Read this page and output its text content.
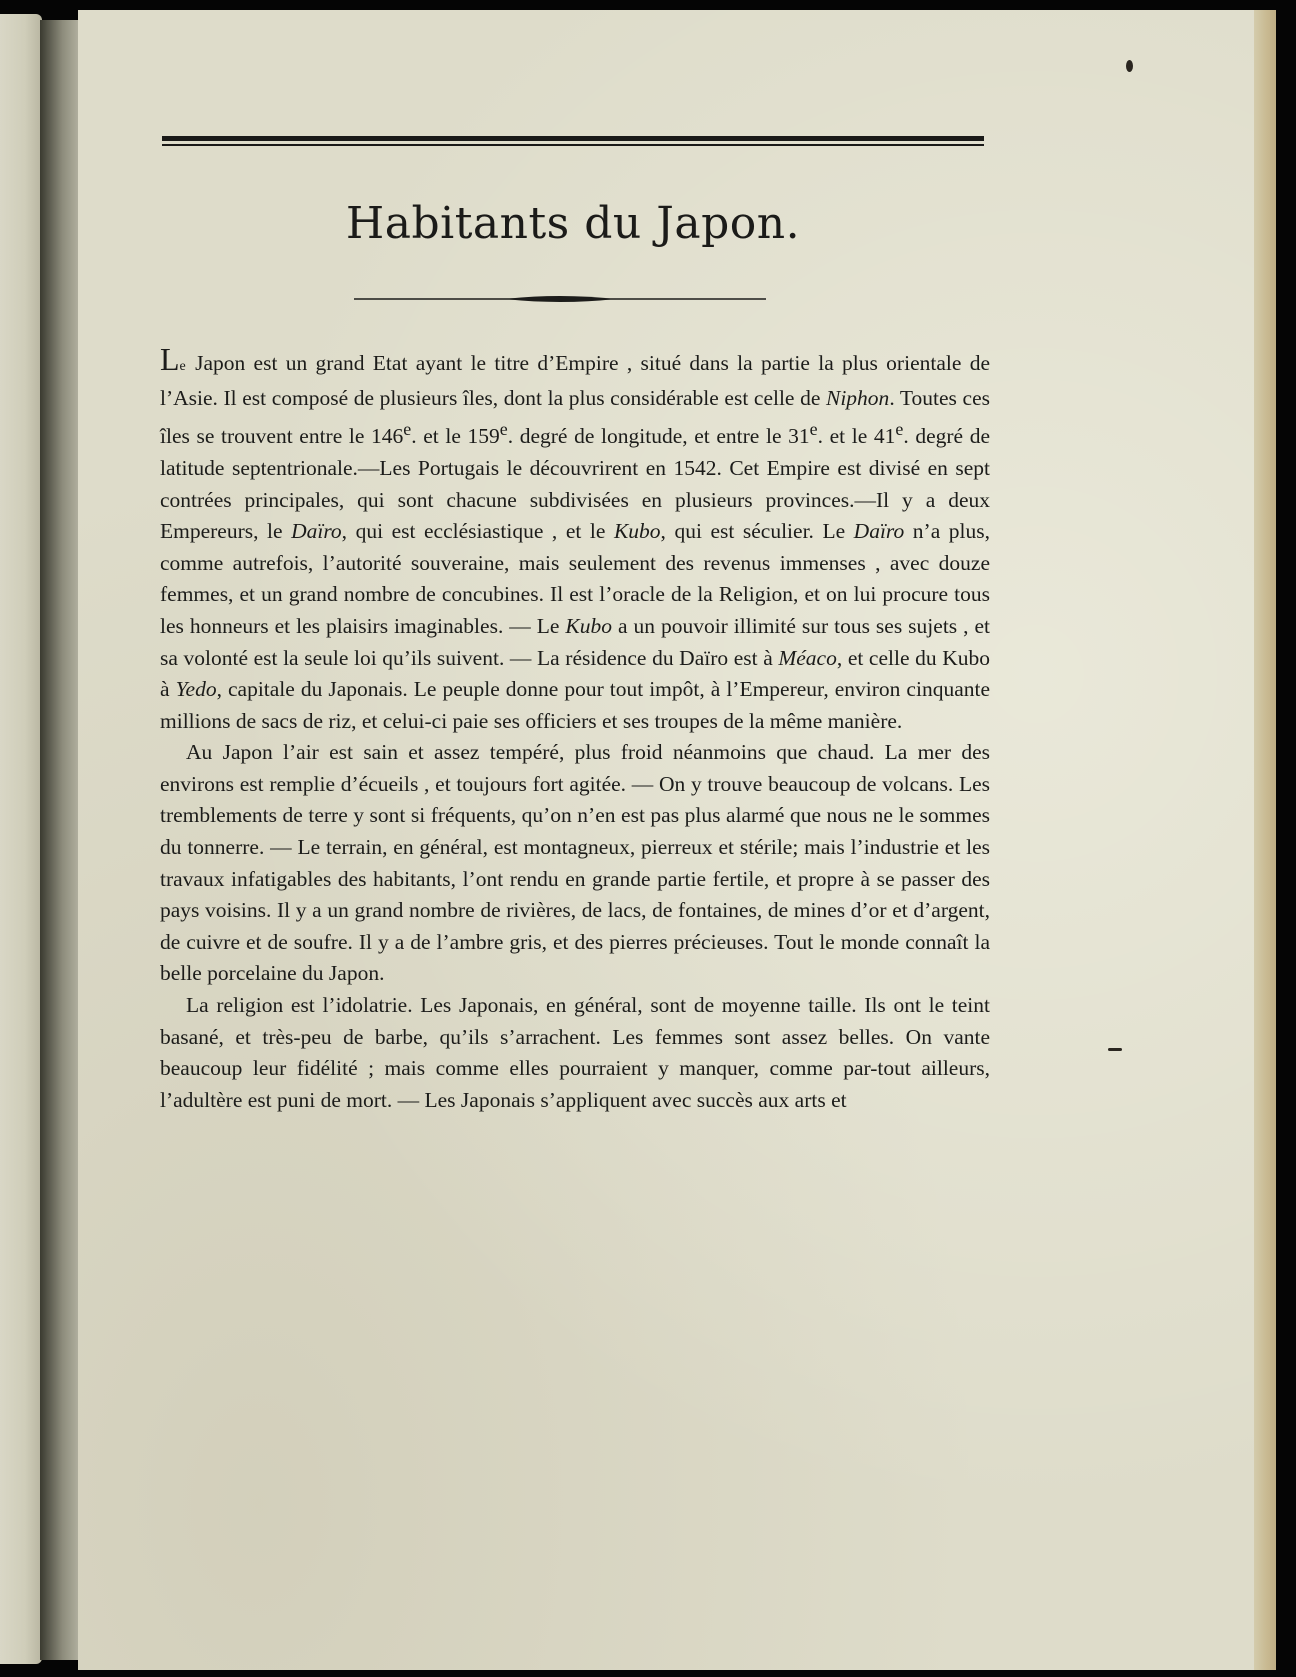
Habitants du Japon.

Le Japon est un grand Etat ayant le titre d’Empire , situé dans la partie la plus orientale de l’Asie. Il est composé de plusieurs îles, dont la plus considérable est celle de Niphon. Toutes ces îles se trouvent entre le 146e. et le 159e. degré de longitude, et entre le 31e. et le 41e. degré de latitude septentrionale.—Les Portugais le découvrirent en 1542. Cet Empire est divisé en sept contrées principales, qui sont chacune subdivisées en plusieurs provinces.—Il y a deux Empereurs, le Daïro, qui est ecclésiastique , et le Kubo, qui est séculier. Le Daïro n’a plus, comme autrefois, l’autorité souveraine, mais seulement des revenus immenses , avec douze femmes, et un grand nombre de concubines. Il est l’oracle de la Religion, et on lui procure tous les honneurs et les plaisirs imaginables. — Le Kubo a un pouvoir illimité sur tous ses sujets , et sa volonté est la seule loi qu’ils suivent. — La résidence du Daïro est à Méaco, et celle du Kubo à Yedo, capitale du Japonais. Le peuple donne pour tout impôt, à l’Empereur, environ cinquante millions de sacs de riz, et celui-ci paie ses officiers et ses troupes de la même manière.

Au Japon l’air est sain et assez tempéré, plus froid néanmoins que chaud. La mer des environs est remplie d’écueils , et toujours fort agitée. — On y trouve beaucoup de volcans. Les tremblements de terre y sont si fréquents, qu’on n’en est pas plus alarmé que nous ne le sommes du tonnerre. — Le terrain, en général, est montagneux, pierreux et stérile; mais l’industrie et les travaux infatigables des habitants, l’ont rendu en grande partie fertile, et propre à se passer des pays voisins. Il y a un grand nombre de rivières, de lacs, de fontaines, de mines d’or et d’argent, de cuivre et de soufre. Il y a de l’ambre gris, et des pierres précieuses. Tout le monde connaît la belle porcelaine du Japon.

La religion est l’idolatrie. Les Japonais, en général, sont de moyenne taille. Ils ont le teint basané, et très-peu de barbe, qu’ils s’arrachent. Les femmes sont assez belles. On vante beaucoup leur fidélité ; mais comme elles pourraient y manquer, comme par-tout ailleurs, l’adultère est puni de mort. — Les Japonais s’appliquent avec succès aux arts et
